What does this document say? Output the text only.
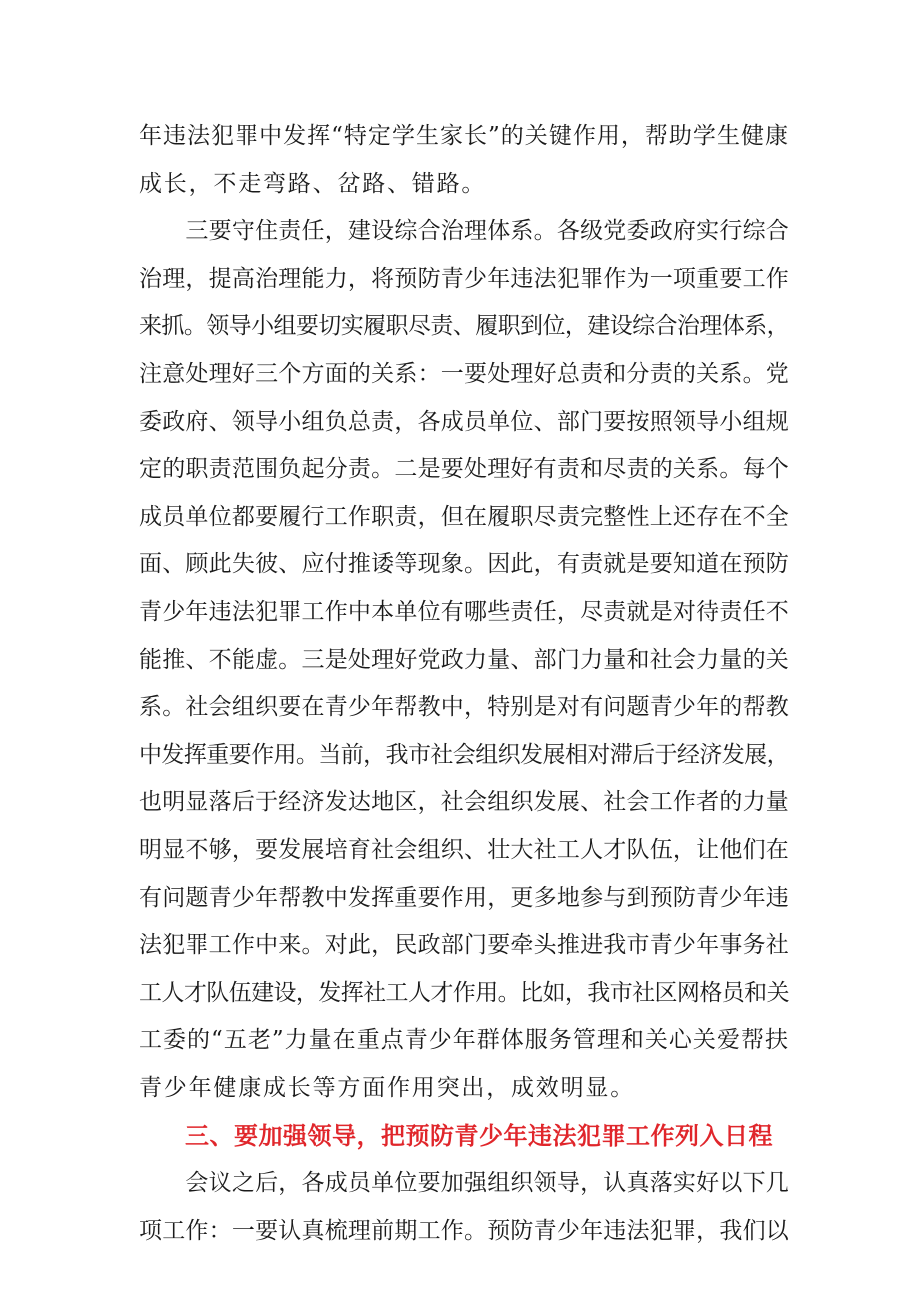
年违法犯罪中发挥“特定学生家长”的关键作用，帮助学生健康
成长，不走弯路、岔路、错路。
　　三要守住责任，建设综合治理体系。各级党委政府实行综合
治理，提高治理能力，将预防青少年违法犯罪作为一项重要工作
来抓。领导小组要切实履职尽责、履职到位，建设综合治理体系，
注意处理好三个方面的关系：一要处理好总责和分责的关系。党
委政府、领导小组负总责，各成员单位、部门要按照领导小组规
定的职责范围负起分责。二是要处理好有责和尽责的关系。每个
成员单位都要履行工作职责，但在履职尽责完整性上还存在不全
面、顾此失彼、应付推诿等现象。因此，有责就是要知道在预防
青少年违法犯罪工作中本单位有哪些责任，尽责就是对待责任不
能推、不能虚。三是处理好党政力量、部门力量和社会力量的关
系。社会组织要在青少年帮教中，特别是对有问题青少年的帮教
中发挥重要作用。当前，我市社会组织发展相对滞后于经济发展，
也明显落后于经济发达地区，社会组织发展、社会工作者的力量
明显不够，要发展培育社会组织、壮大社工人才队伍，让他们在
有问题青少年帮教中发挥重要作用，更多地参与到预防青少年违
法犯罪工作中来。对此，民政部门要牵头推进我市青少年事务社
工人才队伍建设，发挥社工人才作用。比如，我市社区网格员和关
工委的“五老”力量在重点青少年群体服务管理和关心关爱帮扶
青少年健康成长等方面作用突出，成效明显。
三、要加强领导，把预防青少年违法犯罪工作列入日程
　　会议之后，各成员单位要加强组织领导，认真落实好以下几
项工作：一要认真梳理前期工作。预防青少年违法犯罪，我们以
